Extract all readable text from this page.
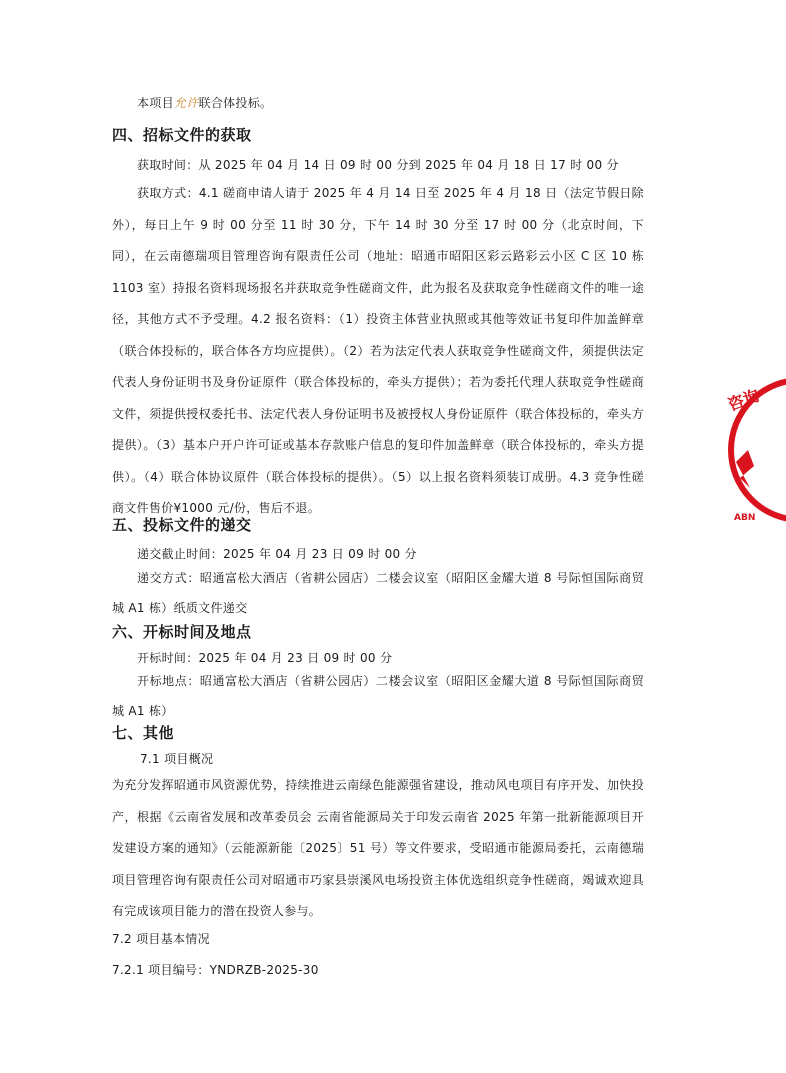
本项目允许联合体投标。
四、招标文件的获取
获取时间：从 2025 年 04 月 14 日 09 时 00 分到 2025 年 04 月 18 日 17 时 00 分
获取方式：4.1 磋商申请人请于 2025 年 4 月 14 日至 2025 年 4 月 18 日（法定节假日除外），每日上午 9 时 00 分至 11 时 30 分，下午 14 时 30 分至 17 时 00 分（北京时间，下同），在云南德瑞项目管理咨询有限责任公司（地址：昭通市昭阳区彩云路彩云小区 C 区 10 栋 1103 室）持报名资料现场报名并获取竞争性磋商文件，此为报名及获取竞争性磋商文件的唯一途径，其他方式不予受理。4.2 报名资料：（1）投资主体营业执照或其他等效证书复印件加盖鲜章（联合体投标的，联合体各方均应提供）。（2）若为法定代表人获取竞争性磋商文件，须提供法定代表人身份证明书及身份证原件（联合体投标的，牵头方提供）；若为委托代理人获取竞争性磋商文件，须提供授权委托书、法定代表人身份证明书及被授权人身份证原件（联合体投标的，牵头方提供）。（3）基本户开户许可证或基本存款账户信息的复印件加盖鲜章（联合体投标的，牵头方提供）。（4）联合体协议原件（联合体投标的提供）。（5）以上报名资料须装订成册。4.3 竞争性磋商文件售价¥1000 元/份，售后不退。
五、投标文件的递交
递交截止时间：2025 年 04 月 23 日 09 时 00 分
递交方式：昭通富松大酒店（省耕公园店）二楼会议室（昭阳区金耀大道 8 号际恒国际商贸城 A1 栋）纸质文件递交
六、开标时间及地点
开标时间：2025 年 04 月 23 日 09 时 00 分
开标地点：昭通富松大酒店（省耕公园店）二楼会议室（昭阳区金耀大道 8 号际恒国际商贸城 A1 栋）
七、其他
7.1 项目概况
为充分发挥昭通市风资源优势，持续推进云南绿色能源强省建设，推动风电项目有序开发、加快投产，根据《云南省发展和改革委员会 云南省能源局关于印发云南省 2025 年第一批新能源项目开发建设方案的通知》（云能源新能〔2025〕51 号）等文件要求，受昭通市能源局委托，云南德瑞项目管理咨询有限责任公司对昭通市巧家县崇溪风电场投资主体优选组织竞争性磋商，竭诚欢迎具有完成该项目能力的潜在投资人参与。
7.2 项目基本情况
7.2.1 项目编号：YNDRZB-2025-30
咨询
ABN
